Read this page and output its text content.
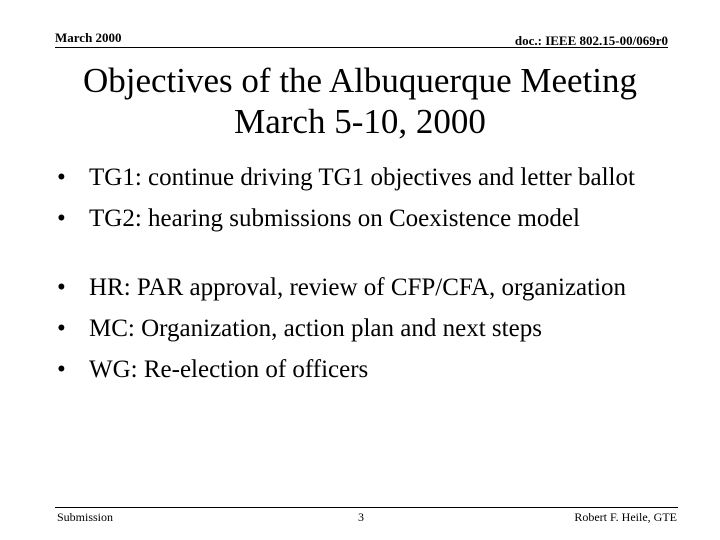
March 2000	doc.: IEEE 802.15-00/069r0
Objectives of the Albuquerque Meeting
March 5-10, 2000
• TG1: continue driving TG1 objectives and letter ballot
• TG2: hearing submissions on Coexistence model
• HR: PAR approval, review of CFP/CFA, organization
• MC: Organization, action plan and next steps
• WG: Re-election of officers
Submission	3	Robert F. Heile, GTE
